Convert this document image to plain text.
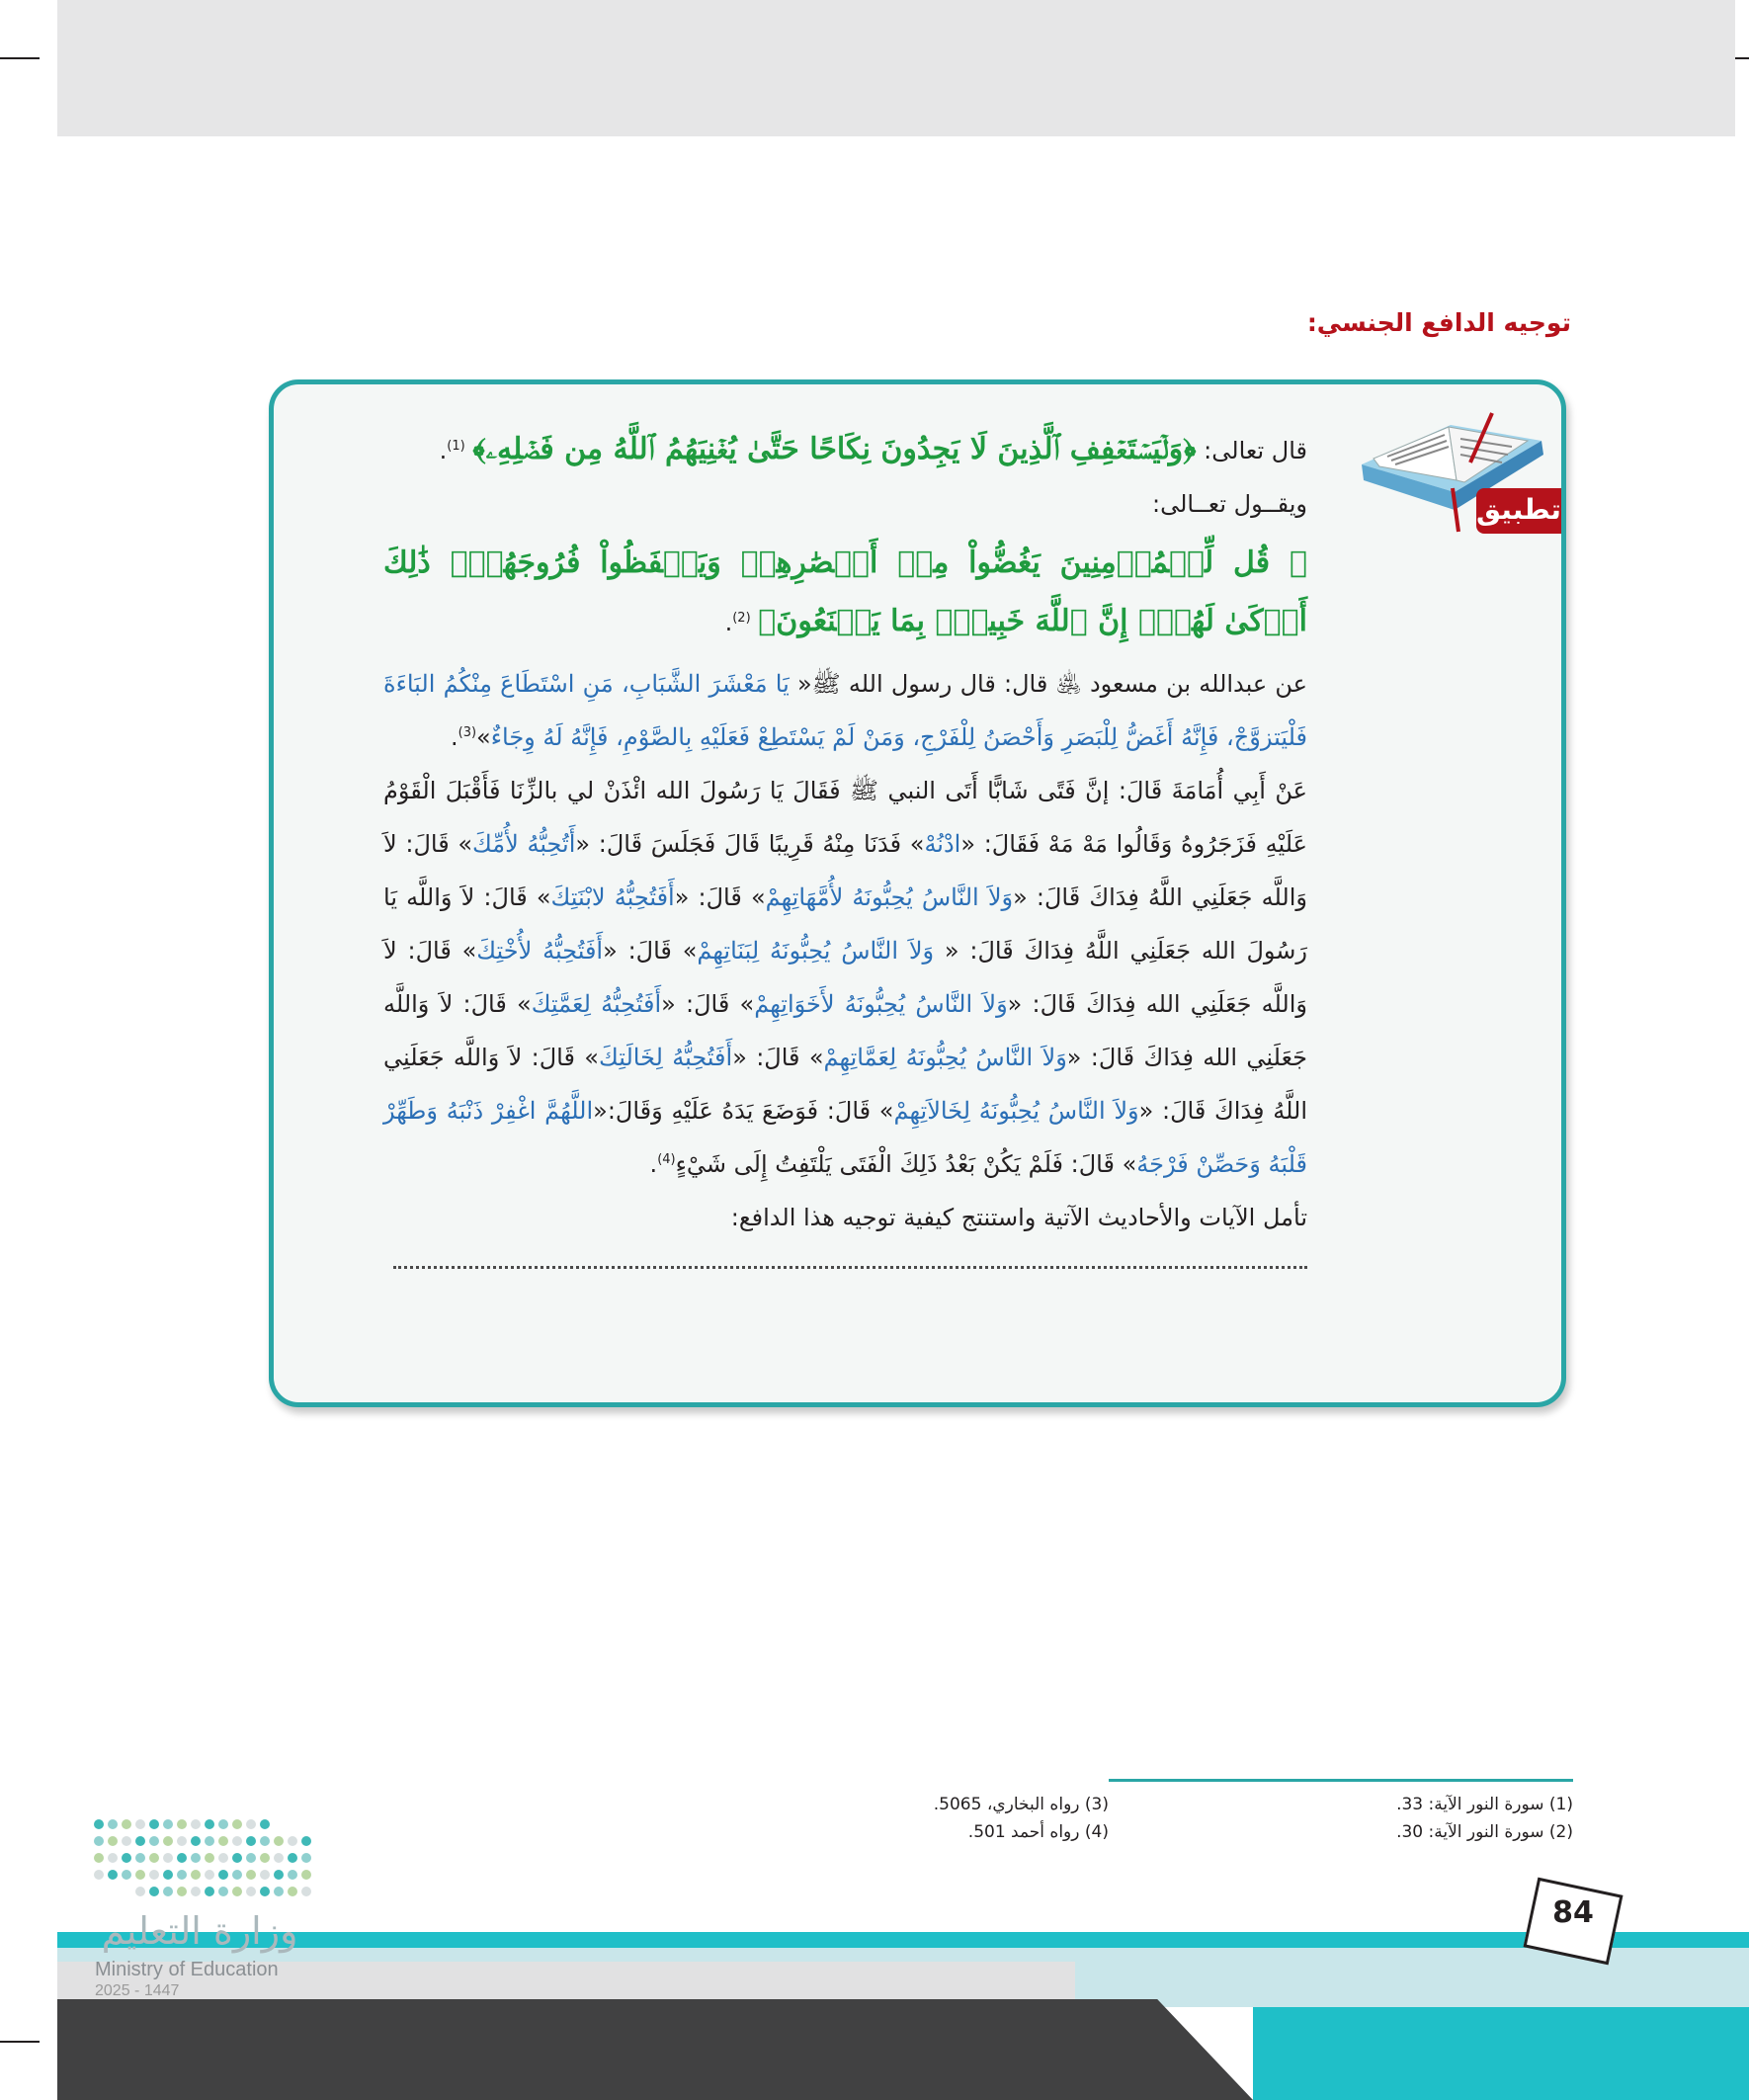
توجيه الدافع الجنسي:
تطبيق

قال تعالى: ﴿وَلۡيَسۡتَعۡفِفِ ٱلَّذِينَ لَا يَجِدُونَ نِكَاحًا حَتَّىٰ يُغۡنِيَهُمُ ٱللَّهُ مِن فَضۡلِهِۦ﴾ $^{(1)}$.

ويقــول تعــالى:

﴿ قُل لِّلۡمُؤۡمِنِينَ يَغُضُّواْ مِنۡ أَبۡصَٰرِهِمۡ وَيَحۡفَظُواْ فُرُوجَهُمۡۚ ذَٰلِكَ أَزۡكَىٰ لَهُمۡۗ إِنَّ ٱللَّهَ خَبِيرُۢ بِمَا يَصۡنَعُونَ﴾ $^{(2)}$.

عن عبدالله بن مسعود ﵁ قال: قال رسول الله ﷺ« يَا مَعْشَرَ الشَّبَابِ، مَنِ اسْتَطَاعَ مِنْكُمُ البَاءَةَ فَلْيَتزوَّجْ، فَإِنَّهُ أَغَضُّ لِلْبَصَرِ وَأَحْصَنُ لِلْفَرْجِ، وَمَنْ لَمْ يَسْتَطِعْ فَعَلَيْهِ بِالصَّوْمِ، فَإِنَّهُ لَهُ وِجَاءٌ»$^{(3)}$.

عَنْ أَبِي أُمَامَةَ قَالَ: إنَّ فَتًى شَابًّا أَتَى النبي ﷺ فَقَالَ يَا رَسُولَ الله ائْذَنْ لي بالزِّنَا فَأَقْبَلَ الْقَوْمُ عَلَيْهِ فَزَجَرُوهُ وَقَالُوا مَهْ مَهْ فَقَالَ: «ادْنُهْ» فَدَنَا مِنْهُ قَرِيبًا قَالَ فَجَلَسَ قَالَ: «أَتُحِبُّهُ لأُمِّكَ» قَالَ: لاَ وَاللَّه جَعَلَنِي اللَّهُ فِدَاكَ قَالَ: «وَلاَ النَّاسُ يُحِبُّونَهُ لأُمَّهَاتِهِمْ» قَالَ: «أَفَتُحِبُّهُ لابْنَتِكَ» قَالَ: لاَ وَاللَّه يَا رَسُولَ الله جَعَلَنِي اللَّهُ فِدَاكَ قَالَ: « وَلاَ النَّاسُ يُحِبُّونَهُ لِبَنَاتِهِمْ» قَالَ: «أَفَتُحِبُّهُ لأُخْتِكَ» قَالَ: لاَ وَاللَّه جَعَلَنِي الله فِدَاكَ قَالَ: «وَلاَ النَّاسُ يُحِبُّونَهُ لأَخَوَاتِهِمْ» قَالَ: «أَفَتُحِبُّهُ لِعَمَّتِكَ» قَالَ: لاَ وَاللَّه جَعَلَنِي الله فِدَاكَ قَالَ: «وَلاَ النَّاسُ يُحِبُّونَهُ لِعَمَّاتِهِمْ» قَالَ: «أَفَتُحِبُّهُ لِخَالَتِكَ» قَالَ: لاَ وَاللَّه جَعَلَنِي اللَّهُ فِدَاكَ قَالَ: «وَلاَ النَّاسُ يُحِبُّونَهُ لِخَالاَتِهِمْ» قَالَ: فَوَضَعَ يَدَهُ عَلَيْهِ وَقَالَ:«اللَّهُمَّ اغْفِرْ ذَنْبَهُ وَطَهِّرْ قَلْبَهُ وَحَصِّنْ فَرْجَهُ» قَالَ: فَلَمْ يَكُنْ بَعْدُ ذَلِكَ الْفَتَى يَلْتَفِتُ إِلَى شَيْءٍ$^{(4)}$.

تأمل الآيات والأحاديث الآتية واستنتج كيفية توجيه هذا الدافع:

(1) سورة النور الآية: 33.
(2) سورة النور الآية: 30.
(3) رواه البخاري، 5065.
(4) رواه أحمد 501.
84
وزارة التعليم
Ministry of Education
2025 - 1447
